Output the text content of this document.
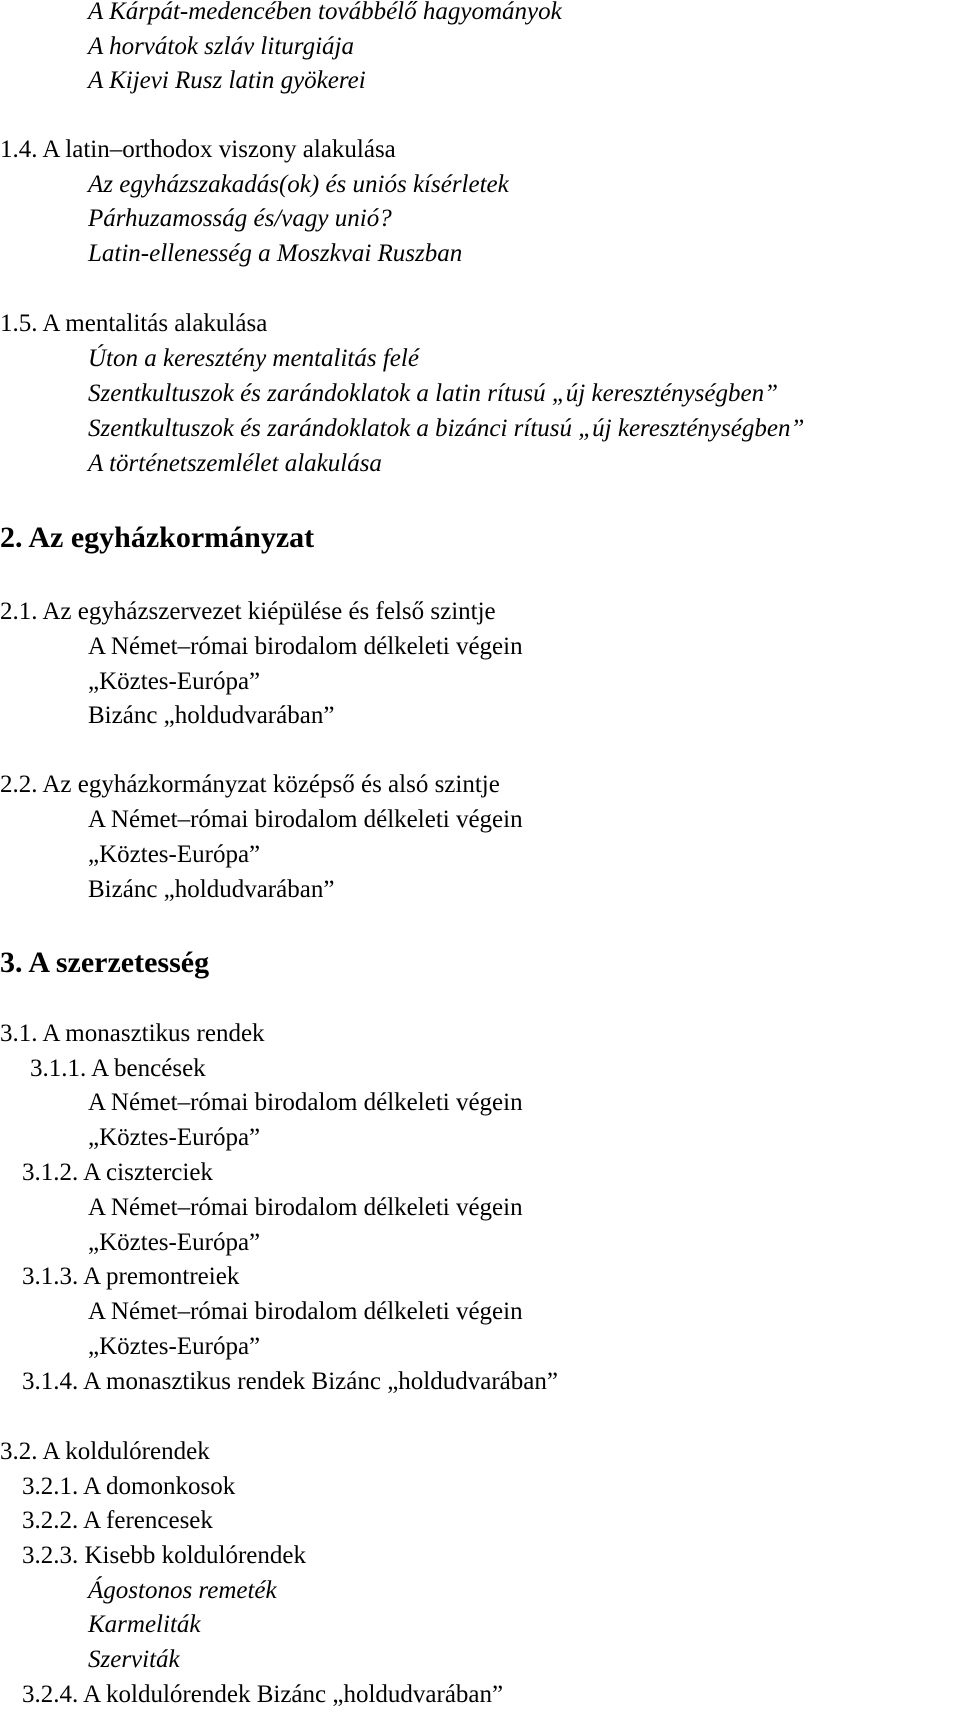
A Kárpát-medencében továbbélő hagyományok
A horvátok szláv liturgiája
A Kijevi Rusz latin gyökerei
1.4. A latin–orthodox viszony alakulása
Az egyházszakadás(ok) és uniós kísérletek
Párhuzamosság és/vagy unió?
Latin-ellenesség a Moszkvai Ruszban
1.5. A mentalitás alakulása
Úton a keresztény mentalitás felé
Szentkultuszok és zarándoklatok a latin rítusú „új kereszténységben”
Szentkultuszok és zarándoklatok a bizánci rítusú „új kereszténységben”
A történetszemlélet alakulása
2. Az egyházkormányzat
2.1. Az egyházszervezet kiépülése és felső szintje
A Német–római birodalom délkeleti végein
„Köztes-Európa”
Bizánc „holdudvarában”
2.2. Az egyházkormányzat középső és alsó szintje
A Német–római birodalom délkeleti végein
„Köztes-Európa”
Bizánc „holdudvarában”
3. A szerzetesség
3.1. A monasztikus rendek
3.1.1. A bencések
A Német–római birodalom délkeleti végein
„Köztes-Európa”
3.1.2. A ciszterciek
A Német–római birodalom délkeleti végein
„Köztes-Európa”
3.1.3. A premontreiek
A Német–római birodalom délkeleti végein
„Köztes-Európa”
3.1.4. A monasztikus rendek Bizánc „holdudvarában”
3.2. A koldulórendek
3.2.1. A domonkosok
3.2.2. A ferencesek
3.2.3. Kisebb koldulórendek
Ágostonos remeték
Karmeliták
Szerviták
3.2.4. A koldulórendek Bizánc „holdudvarában”
